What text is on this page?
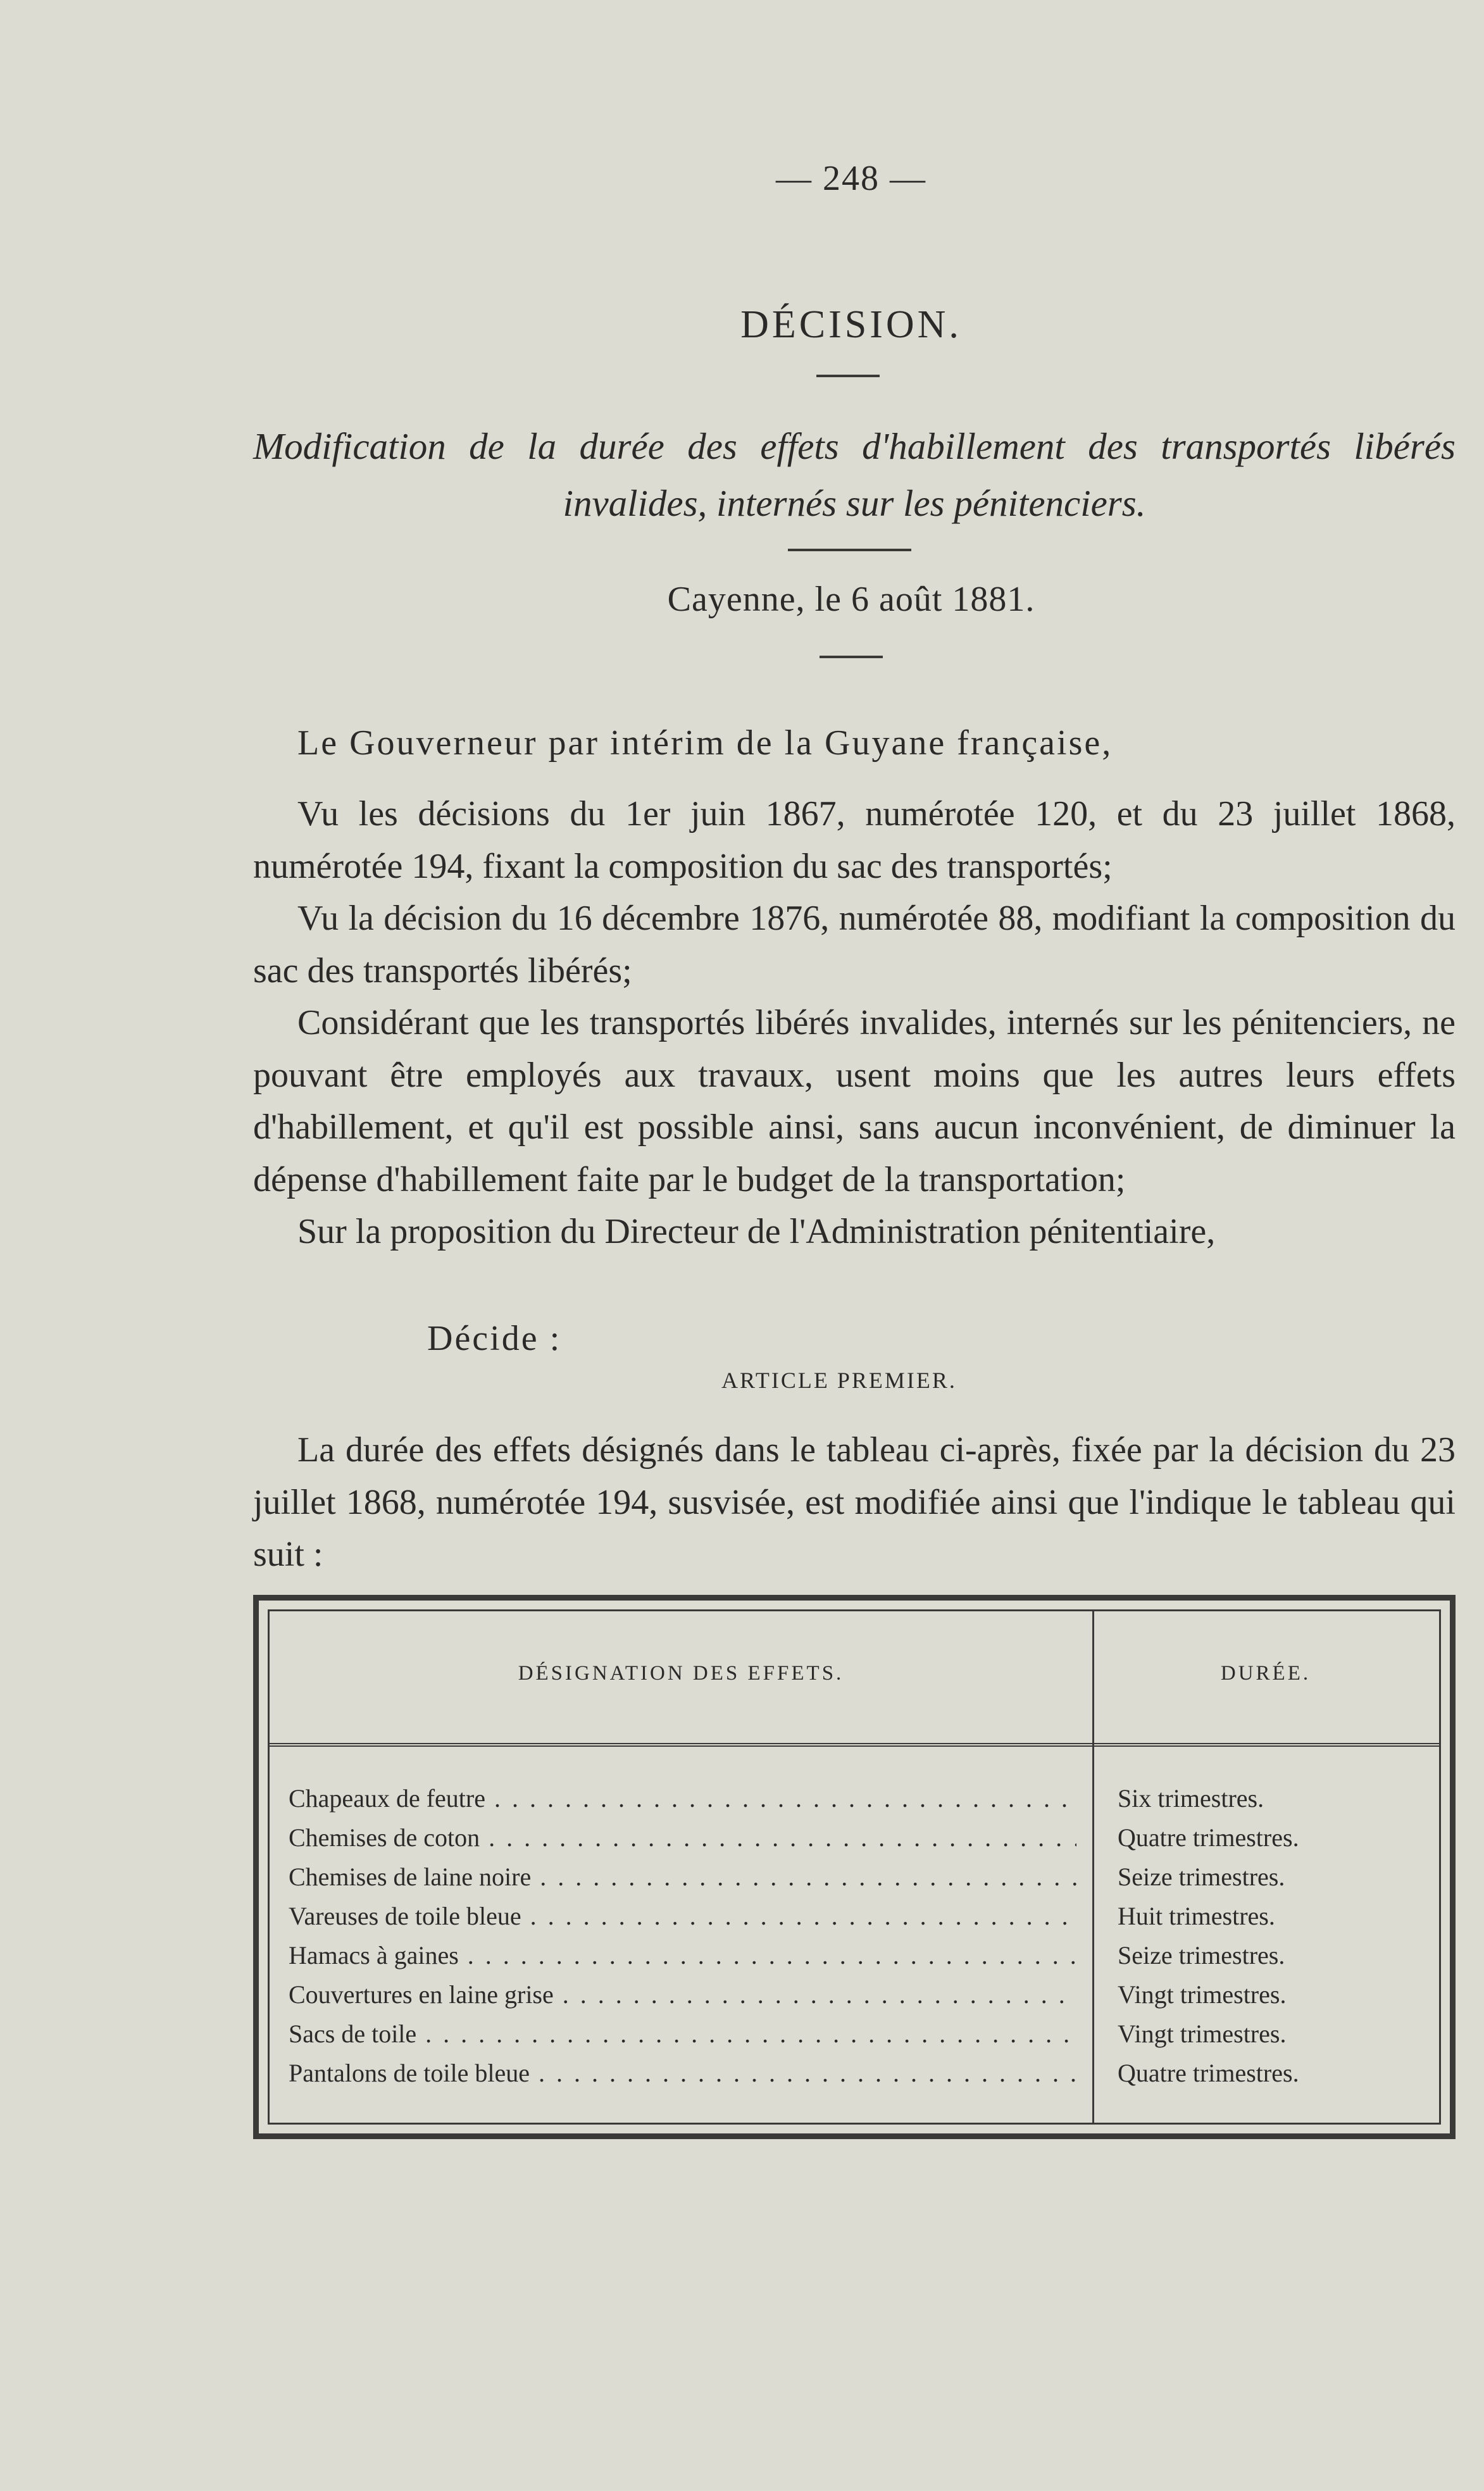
— 248 —
DÉCISION.
Modification de la durée des effets d'habillement des transportés libérés
invalides, internés sur les pénitenciers.
Cayenne, le 6 août 1881.
Le Gouverneur par intérim de la Guyane française,

Vu les décisions du 1er juin 1867, numérotée 120, et du 23 juillet 1868, numérotée 194, fixant la composition du sac des transportés;

Vu la décision du 16 décembre 1876, numérotée 88, modifiant la composition du sac des transportés libérés;

Considérant que les transportés libérés invalides, internés sur les pénitenciers, ne pouvant être employés aux travaux, usent moins que les autres leurs effets d'habillement, et qu'il est possible ainsi, sans aucun inconvénient, de diminuer la dépense d'habillement faite par le budget de la transportation;

Sur la proposition du Directeur de l'Administration pénitentiaire,

Décide :
ARTICLE PREMIER.

La durée des effets désignés dans le tableau ci-après, fixée par la décision du 23 juillet 1868, numérotée 194, susvisée, est modifiée ainsi que l'indique le tableau qui suit :

DÉSIGNATION DES EFFETS.	DURÉE.
Chapeaux de feutre . . .	Six trimestres.
Chemises de coton . . .	Quatre trimestres.
Chemises de laine noire . . .	Seize trimestres.
Vareuses de toile bleue . . .	Huit trimestres.
Hamacs à gaines . . .	Seize trimestres.
Couvertures en laine grise . . .	Vingt trimestres.
Sacs de toile . . .	Vingt trimestres.
Pantalons de toile bleue . . .	Quatre trimestres.
